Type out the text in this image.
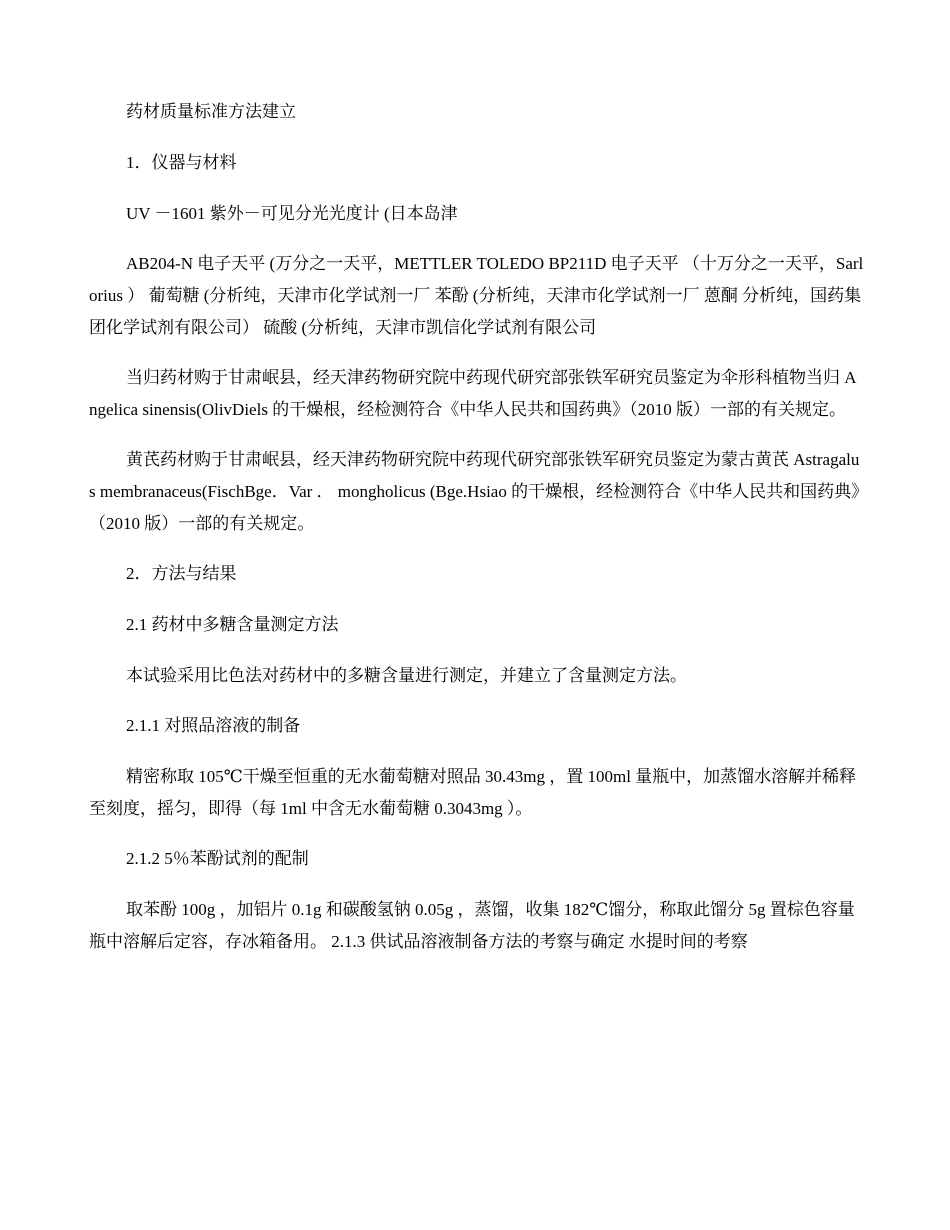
药材质量标准方法建立

1．仪器与材料

UV －1601 紫外－可见分光光度计 (日本岛津

AB204-N 电子天平 (万分之一天平，METTLER TOLEDO BP211D 电子天平 （十万分之一天平，Sarlorius ） 葡萄糖 (分析纯，天津市化学试剂一厂 苯酚 (分析纯，天津市化学试剂一厂 蒽酮 分析纯，国药集团化学试剂有限公司） 硫酸 (分析纯，天津市凯信化学试剂有限公司

当归药材购于甘肃岷县，经天津药物研究院中药现代研究部张铁军研究员鉴定为伞形科植物当归 Angelica sinensis(OlivDiels 的干燥根，经检测符合《中华人民共和国药典》（2010 版）一部的有关规定。

黄芪药材购于甘肃岷县，经天津药物研究院中药现代研究部张铁军研究员鉴定为蒙古黄芪 Astragalus membranaceus(FischBge．Var ． mongholicus (Bge.Hsiao 的干燥根，经检测符合《中华人民共和国药典》（2010 版）一部的有关规定。

2．方法与结果

2.1 药材中多糖含量测定方法

本试验采用比色法对药材中的多糖含量进行测定，并建立了含量测定方法。

2.1.1 对照品溶液的制备

精密称取 105℃干燥至恒重的无水葡萄糖对照品 30.43mg ，置 100ml 量瓶中，加蒸馏水溶解并稀释至刻度，摇匀，即得（每 1ml 中含无水葡萄糖 0.3043mg ）。

2.1.2 5％苯酚试剂的配制

取苯酚 100g ，加铝片 0.1g 和碳酸氢钠 0.05g ，蒸馏，收集 182℃馏分，称取此馏分 5g 置棕色容量瓶中溶解后定容，存冰箱备用。 2.1.3 供试品溶液制备方法的考察与确定 水提时间的考察
